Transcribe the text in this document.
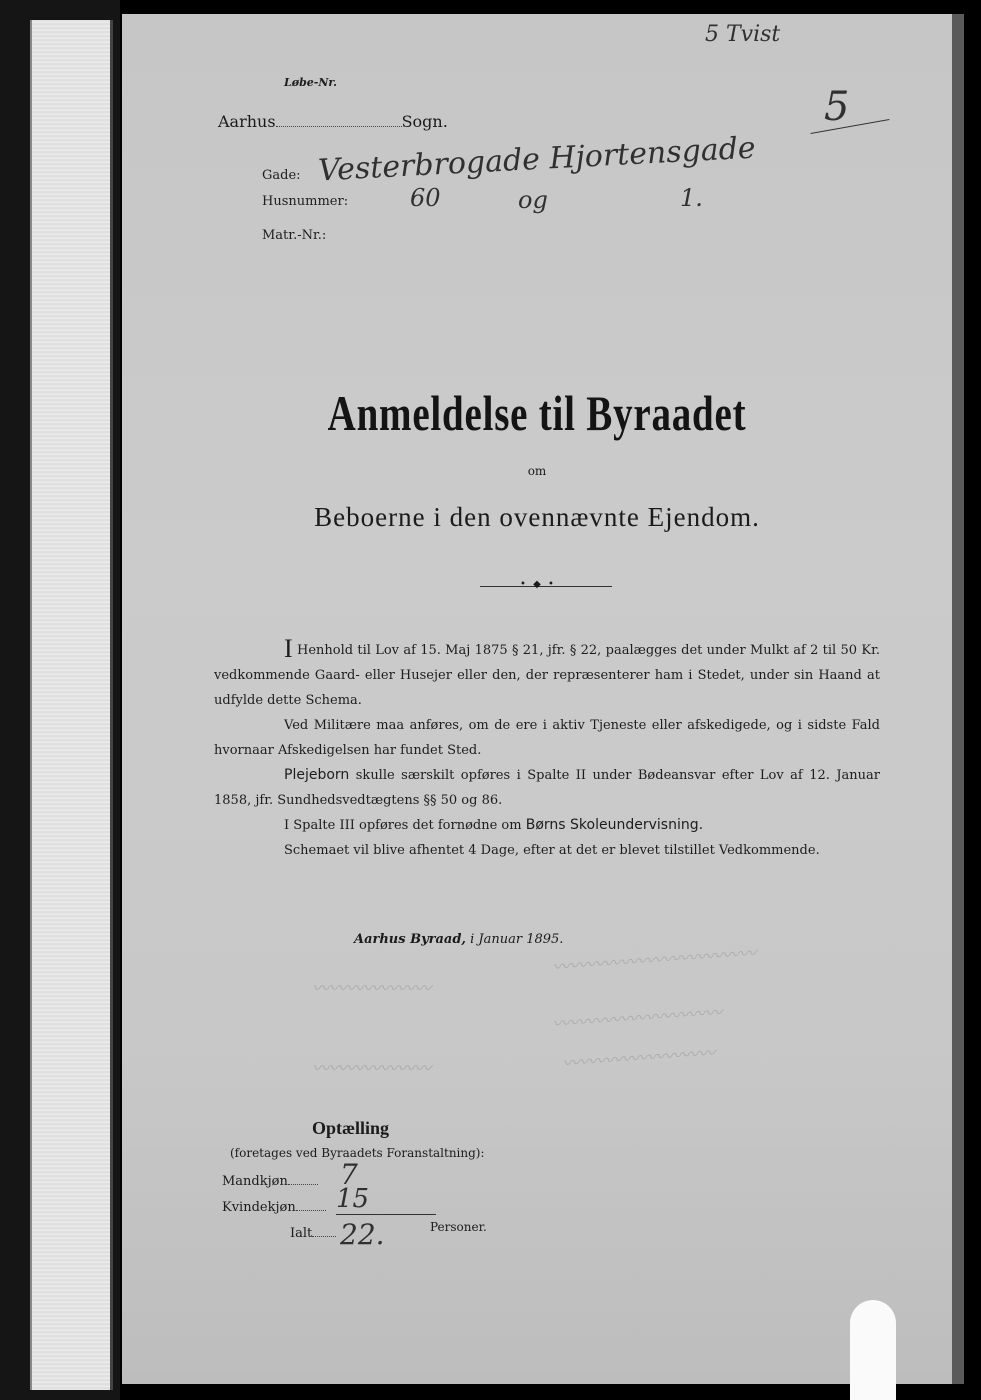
5 Tvist
5
Løbe-Nr.
Aarhus	Sogn.
Gade: Vesterbrogade Hjortensgade
Husnummer:	60	og	1.
Matr.-Nr.:
Anmeldelse til Byraadet
om
Beboerne i den ovennævnte Ejendom.
• ◆ •

I Henhold til Lov af 15. Maj 1875 § 21, jfr. § 22, paalægges det under Mulkt af 2 til 50 Kr. vedkommende Gaard- eller Husejer eller den, der repræsenterer ham i Stedet, under sin Haand at udfylde dette Schema.

Ved Militære maa anføres, om de ere i aktiv Tjeneste eller afskedigede, og i sidste Fald hvornaar Afskedigelsen har fundet Sted.

Plejeborn skulle særskilt opføres i Spalte II under Bødeansvar efter Lov af 12. Januar 1858, jfr. Sundhedsvedtægtens §§ 50 og 86.

I Spalte III opføres det fornødne om Børns Skoleundervisning.

Schemaet vil blive afhentet 4 Dage, efter at det er blevet tilstillet Vedkommende.

Aarhus Byraad, i Januar 1895.
〰〰〰〰〰〰〰〰〰〰〰〰
〰〰〰〰〰〰〰〰〰〰
〰〰〰〰〰〰〰〰〰
〰〰〰〰〰〰〰
〰〰〰〰〰〰〰
Optælling
(foretages ved Byraadets Foranstaltning):
Mandkjøn	7
Kvindekjøn	15
Ialt 22.	Personer.
